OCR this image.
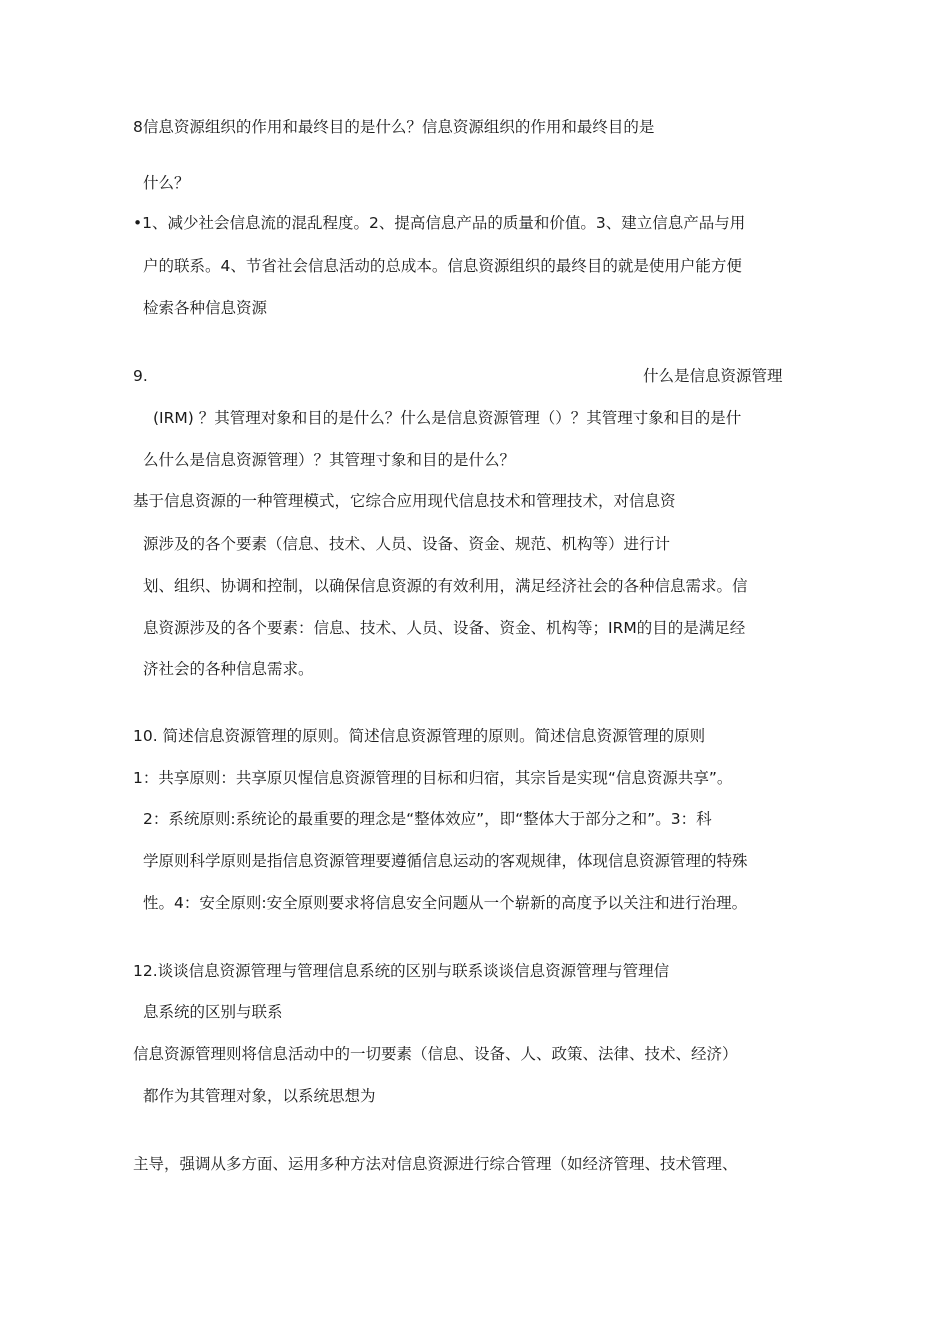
8信息资源组织的作用和最终目的是什么？信息资源组织的作用和最终目的是
什么？
•1、减少社会信息流的混乱程度。2、提高信息产品的质量和价值。3、建立信息产品与用
户的联系。4、节省社会信息活动的总成本。信息资源组织的最终目的就是使用户能方便
检索各种信息资源
9.	什么是信息资源管理
(IRM) ？其管理对象和目的是什么？什么是信息资源管理（）？其管理寸象和目的是什
么什么是信息资源管理）？其管理寸象和目的是什么？
基于信息资源的一种管理模式，它综合应用现代信息技术和管理技术，对信息资
源涉及的各个要素（信息、技术、人员、设备、资金、规范、机构等）进行计
划、组织、协调和控制，以确保信息资源的有效利用，满足经济社会的各种信息需求。信
息资源涉及的各个要素：信息、技术、人员、设备、资金、机构等；IRM的目的是满足经
济社会的各种信息需求。
10. 简述信息资源管理的原则。简述信息资源管理的原则。简述信息资源管理的原则
1：共享原则：共享原贝惺信息资源管理的目标和归宿，其宗旨是实现“信息资源共享”。
2：系统原则:系统论的最重要的理念是“整体效应”，即“整体大于部分之和”。3：科
学原则科学原则是指信息资源管理要遵循信息运动的客观规律，体现信息资源管理的特殊
性。4：安全原则:安全原则要求将信息安全问题从一个崭新的高度予以关注和进行治理。
12.谈谈信息资源管理与管理信息系统的区别与联系谈谈信息资源管理与管理信
息系统的区别与联系
信息资源管理则将信息活动中的一切要素（信息、设备、人、政策、法律、技术、经济）
都作为其管理对象，以系统思想为
主导，强调从多方面、运用多种方法对信息资源进行综合管理（如经济管理、技术管理、
